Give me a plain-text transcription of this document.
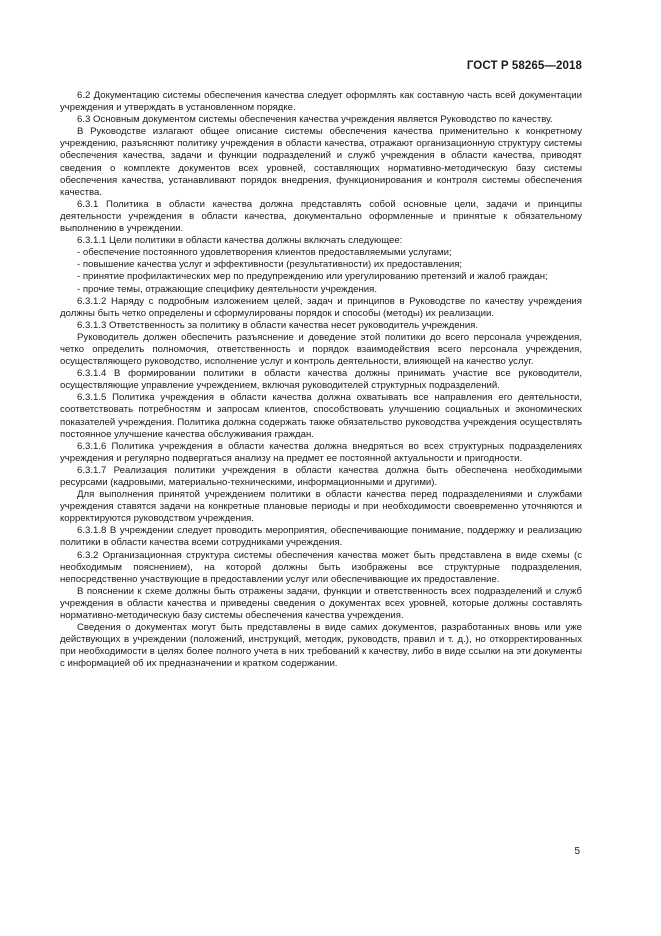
ГОСТ Р 58265—2018

6.2 Документацию системы обеспечения качества следует оформлять как составную часть всей документации учреждения и утверждать в установленном порядке.

6.3 Основным документом системы обеспечения качества учреждения является Руководство по качеству.

В Руководстве излагают общее описание системы обеспечения качества применительно к конкретному учреждению, разъясняют политику учреждения в области качества, отражают организационную структуру системы обеспечения качества, задачи и функции подразделений и служб учреждения в области качества, приводят сведения о комплекте документов всех уровней, составляющих нормативно-методическую базу системы обеспечения качества, устанавливают порядок внедрения, функционирования и контроля системы обеспечения качества.

6.3.1 Политика в области качества должна представлять собой основные цели, задачи и принципы деятельности учреждения в области качества, документально оформленные и принятые к обязательному выполнению в учреждении.

6.3.1.1 Цели политики в области качества должны включать следующее:

- обеспечение постоянного удовлетворения клиентов предоставляемыми услугами;

- повышение качества услуг и эффективности (результативности) их предоставления;

- принятие профилактических мер по предупреждению или урегулированию претензий и жалоб граждан;

- прочие темы, отражающие специфику деятельности учреждения.

6.3.1.2 Наряду с подробным изложением целей, задач и принципов в Руководстве по качеству учреждения должны быть четко определены и сформулированы порядок и способы (методы) их реализации.

6.3.1.3 Ответственность за политику в области качества несет руководитель учреждения.

Руководитель должен обеспечить разъяснение и доведение этой политики до всего персонала учреждения, четко определить полномочия, ответственность и порядок взаимодействия всего персонала учреждения, осуществляющего руководство, исполнение услуг и контроль деятельности, влияющей на качество услуг.

6.3.1.4 В формировании политики в области качества должны принимать участие все руководители, осуществляющие управление учреждением, включая руководителей структурных подразделений.

6.3.1.5 Политика учреждения в области качества должна охватывать все направления его деятельности, соответствовать потребностям и запросам клиентов, способствовать улучшению социальных и экономических показателей учреждения. Политика должна содержать также обязательство руководства учреждения осуществлять постоянное улучшение качества обслуживания граждан.

6.3.1.6 Политика учреждения в области качества должна внедряться во всех структурных подразделениях учреждения и регулярно подвергаться анализу на предмет ее постоянной актуальности и пригодности.

6.3.1.7 Реализация политики учреждения в области качества должна быть обеспечена необходимыми ресурсами (кадровыми, материально-техническими, информационными и другими).

Для выполнения принятой учреждением политики в области качества перед подразделениями и службами учреждения ставятся задачи на конкретные плановые периоды и при необходимости своевременно уточняются и корректируются руководством учреждения.

6.3.1.8 В учреждении следует проводить мероприятия, обеспечивающие понимание, поддержку и реализацию политики в области качества всеми сотрудниками учреждения.

6.3.2 Организационная структура системы обеспечения качества может быть представлена в виде схемы (с необходимым пояснением), на которой должны быть изображены все структурные подразделения, непосредственно участвующие в предоставлении услуг или обеспечивающие их предоставление.

В пояснении к схеме должны быть отражены задачи, функции и ответственность всех подразделений и служб учреждения в области качества и приведены сведения о документах всех уровней, которые должны составлять нормативно-методическую базу системы обеспечения качества учреждения.

Сведения о документах могут быть представлены в виде самих документов, разработанных вновь или уже действующих в учреждении (положений, инструкций, методик, руководств, правил и т. д.), но откорректированных при необходимости в целях более полного учета в них требований к качеству, либо в виде ссылки на эти документы с информацией об их предназначении и кратком содержании.

5
